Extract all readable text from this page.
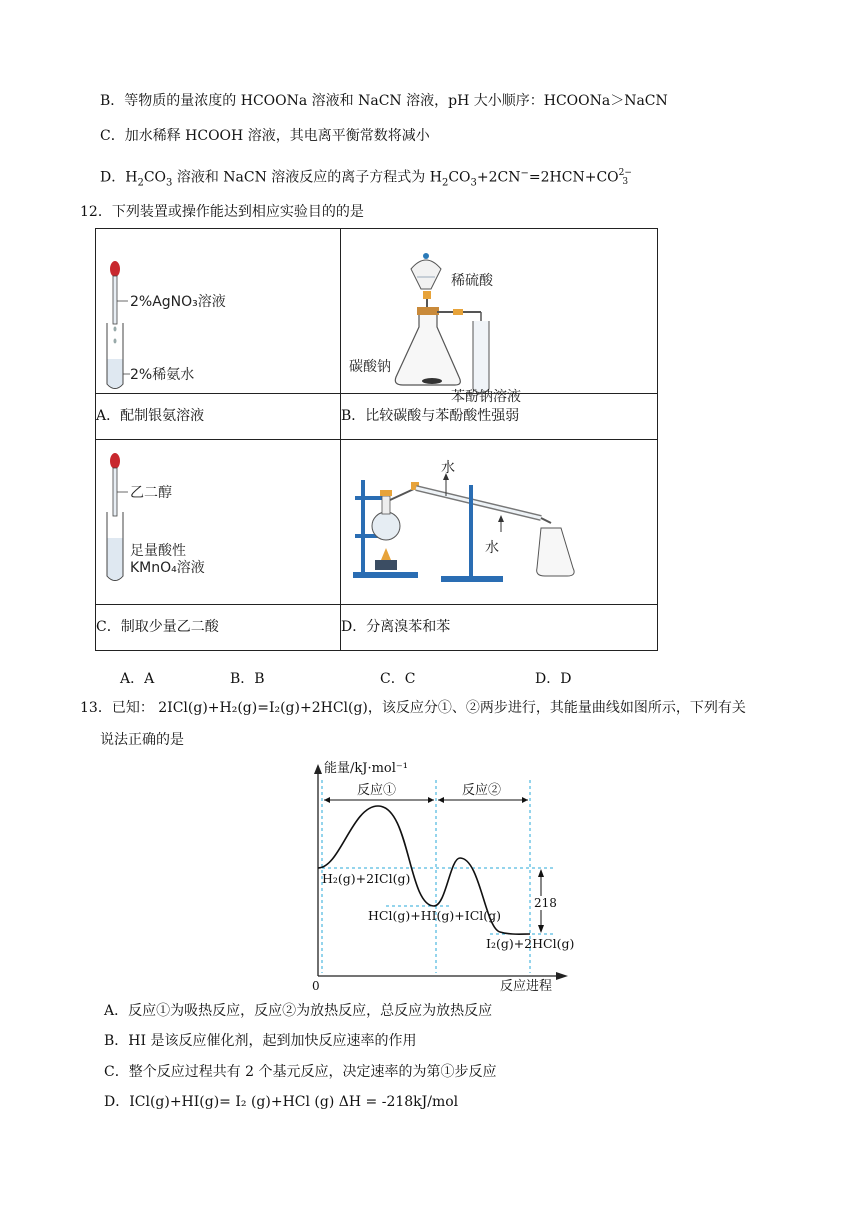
B．等物质的量浓度的 HCOONa 溶液和 NaCN 溶液，pH 大小顺序：HCOONa＞NaCN
C．加水稀释 HCOOH 溶液，其电离平衡常数将减小
D．$H_2CO_3$ 溶液和 NaCN 溶液反应的离子方程式为 $H_2CO_3+2CN^-=2HCN+CO$ 2−
3
12．下列装置或操作能达到相应实验目的的是
2%AgNO₃溶液
2%稀氨水	稀硫酸
碳酸钠
苯酚钠溶液

A．配制银氨溶液	B．比较碳酸与苯酚酸性强弱

乙二醇
足量酸性
KMnO₄溶液	水
水

C．制取少量乙二酸	D．分离溴苯和苯
A．A	B．B	C．C	D．D
13．已知： 2ICl(g)+H₂(g)=I₂(g)+2HCl(g)，该反应分①、②两步进行，其能量曲线如图所示，下列有关
说法正确的是
能量/kJ·mol⁻¹
反应进程
0
反应①	反应②
218
H₂(g)+2ICl(g)
HCl(g)+HI(g)+ICl(g)
I₂(g)+2HCl(g)
A．反应①为吸热反应，反应②为放热反应，总反应为放热反应
B．HI 是该反应催化剂，起到加快反应速率的作用
C．整个反应过程共有 2 个基元反应，决定速率的为第①步反应
D．ICl(g)+HI(g)= I₂ (g)+HCl (g) ΔH = -218kJ/mol
